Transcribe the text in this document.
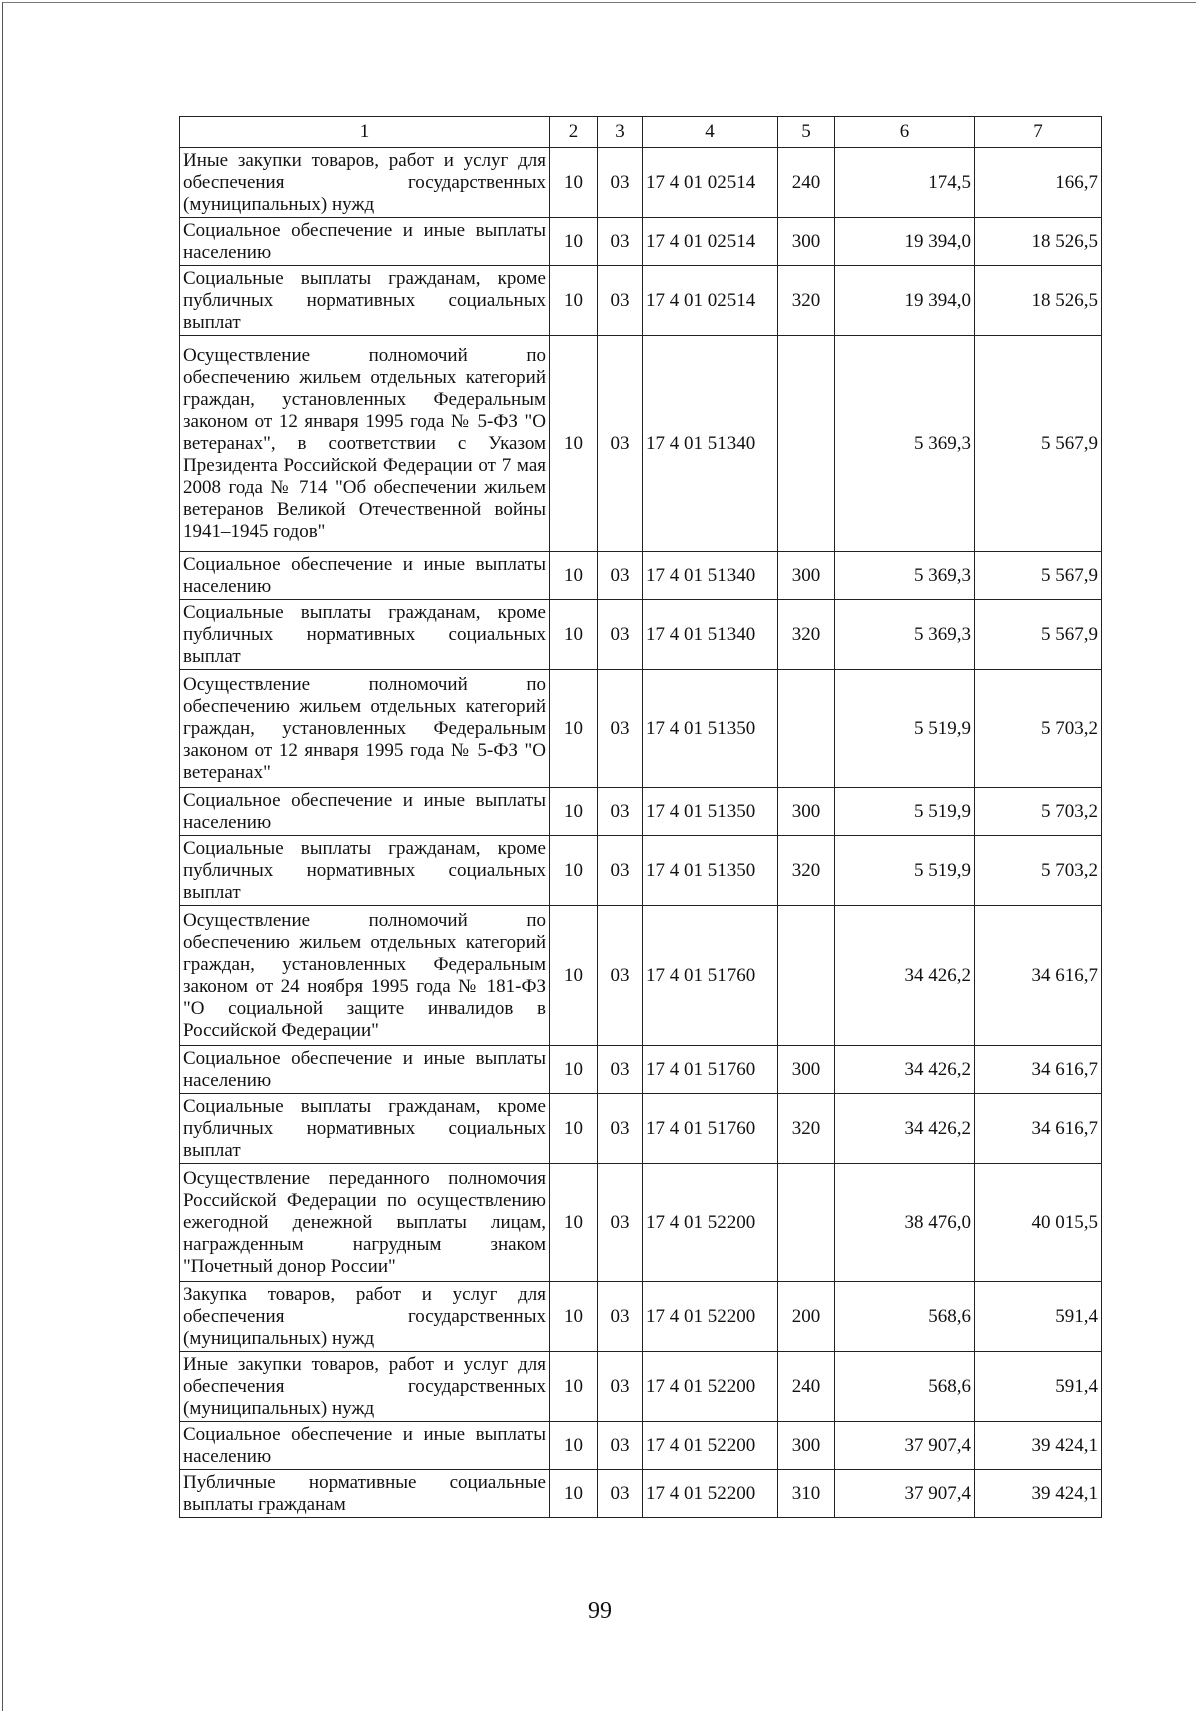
1	2	3	4	5	6	7
Иные закупки товаров, работ и услуг для обеспечения государственных (муниципальных) нужд	10	03	17 4 01 02514	240	174,5	166,7
Социальное обеспечение и иные выплаты населению	10	03	17 4 01 02514	300	19 394,0	18 526,5
Социальные выплаты гражданам, кроме публичных нормативных социальных выплат	10	03	17 4 01 02514	320	19 394,0	18 526,5
Осуществление полномочий по обеспечению жильем отдельных категорий граждан, установленных Федеральным законом от 12 января 1995 года № 5-ФЗ "О ветеранах", в соответствии с Указом Президента Российской Федерации от 7 мая 2008 года № 714 "Об обеспечении жильем ветеранов Великой Отечественной войны 1941–1945 годов"	10	03	17 4 01 51340		5 369,3	5 567,9
Социальное обеспечение и иные выплаты населению	10	03	17 4 01 51340	300	5 369,3	5 567,9
Социальные выплаты гражданам, кроме публичных нормативных социальных выплат	10	03	17 4 01 51340	320	5 369,3	5 567,9
Осуществление полномочий по обеспечению жильем отдельных категорий граждан, установленных Федеральным законом от 12 января 1995 года № 5-ФЗ "О ветеранах"	10	03	17 4 01 51350		5 519,9	5 703,2
Социальное обеспечение и иные выплаты населению	10	03	17 4 01 51350	300	5 519,9	5 703,2
Социальные выплаты гражданам, кроме публичных нормативных социальных выплат	10	03	17 4 01 51350	320	5 519,9	5 703,2
Осуществление полномочий по обеспечению жильем отдельных категорий граждан, установленных Федеральным законом от 24 ноября 1995 года № 181-ФЗ "О социальной защите инвалидов в Российской Федерации"	10	03	17 4 01 51760		34 426,2	34 616,7
Социальное обеспечение и иные выплаты населению	10	03	17 4 01 51760	300	34 426,2	34 616,7
Социальные выплаты гражданам, кроме публичных нормативных социальных выплат	10	03	17 4 01 51760	320	34 426,2	34 616,7
Осуществление переданного полномочия Российской Федерации по осуществлению ежегодной денежной выплаты лицам, награжденным нагрудным знаком "Почетный донор России"	10	03	17 4 01 52200		38 476,0	40 015,5
Закупка товаров, работ и услуг для обеспечения государственных (муниципальных) нужд	10	03	17 4 01 52200	200	568,6	591,4
Иные закупки товаров, работ и услуг для обеспечения государственных (муниципальных) нужд	10	03	17 4 01 52200	240	568,6	591,4
Социальное обеспечение и иные выплаты населению	10	03	17 4 01 52200	300	37 907,4	39 424,1
Публичные нормативные социальные выплаты гражданам	10	03	17 4 01 52200	310	37 907,4	39 424,1
99
